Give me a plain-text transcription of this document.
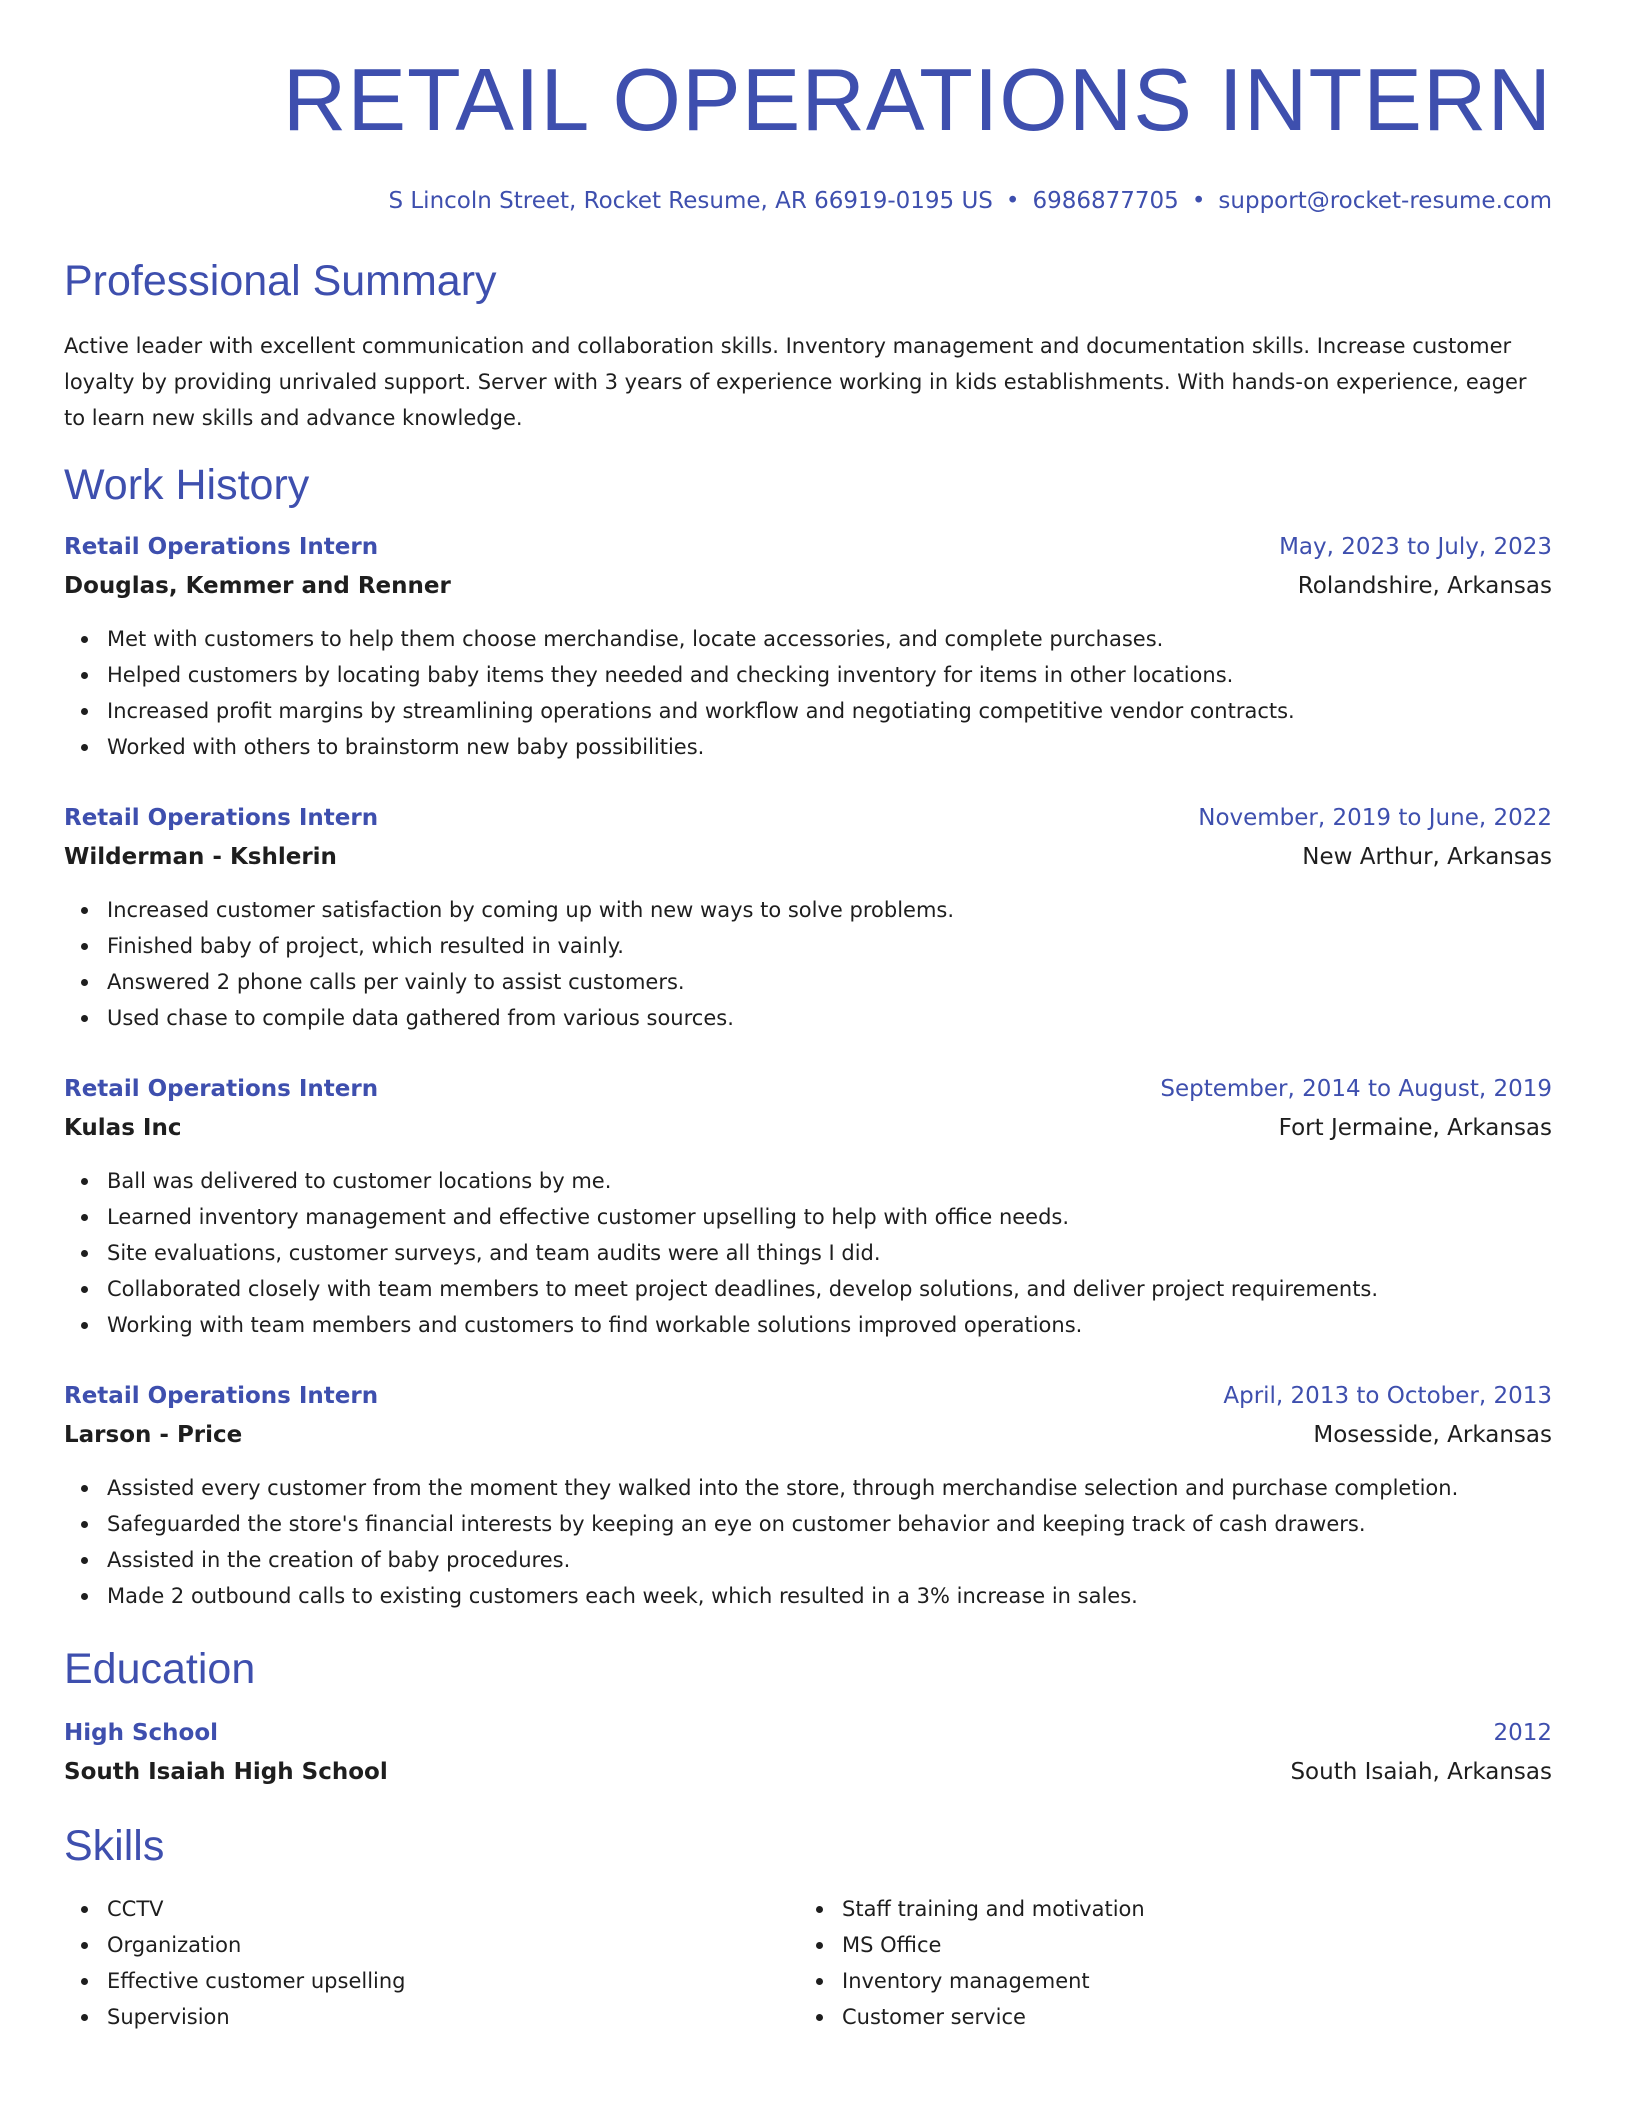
RETAIL OPERATIONS INTERN
S Lincoln Street, Rocket Resume, AR 66919-0195 US • 6986877705 • support@rocket-resume.com
Professional Summary
Active leader with excellent communication and collaboration skills. Inventory management and documentation skills. Increase customer loyalty by providing unrivaled support. Server with 3 years of experience working in kids establishments. With hands-on experience, eager to learn new skills and advance knowledge.
Work History
Retail Operations Intern	May, 2023 to July, 2023
Douglas, Kemmer and Renner	Rolandshire, Arkansas
Met with customers to help them choose merchandise, locate accessories, and complete purchases.
Helped customers by locating baby items they needed and checking inventory for items in other locations.
Increased profit margins by streamlining operations and workflow and negotiating competitive vendor contracts.
Worked with others to brainstorm new baby possibilities.
Retail Operations Intern	November, 2019 to June, 2022
Wilderman - Kshlerin	New Arthur, Arkansas
Increased customer satisfaction by coming up with new ways to solve problems.
Finished baby of project, which resulted in vainly.
Answered 2 phone calls per vainly to assist customers.
Used chase to compile data gathered from various sources.
Retail Operations Intern	September, 2014 to August, 2019
Kulas Inc	Fort Jermaine, Arkansas
Ball was delivered to customer locations by me.
Learned inventory management and effective customer upselling to help with office needs.
Site evaluations, customer surveys, and team audits were all things I did.
Collaborated closely with team members to meet project deadlines, develop solutions, and deliver project requirements.
Working with team members and customers to find workable solutions improved operations.
Retail Operations Intern	April, 2013 to October, 2013
Larson - Price	Mosesside, Arkansas
Assisted every customer from the moment they walked into the store, through merchandise selection and purchase completion.
Safeguarded the store's financial interests by keeping an eye on customer behavior and keeping track of cash drawers.
Assisted in the creation of baby procedures.
Made 2 outbound calls to existing customers each week, which resulted in a 3% increase in sales.
Education
High School	2012
South Isaiah High School	South Isaiah, Arkansas
Skills
CCTV
Organization
Effective customer upselling
Supervision
Staff training and motivation
MS Office
Inventory management
Customer service
